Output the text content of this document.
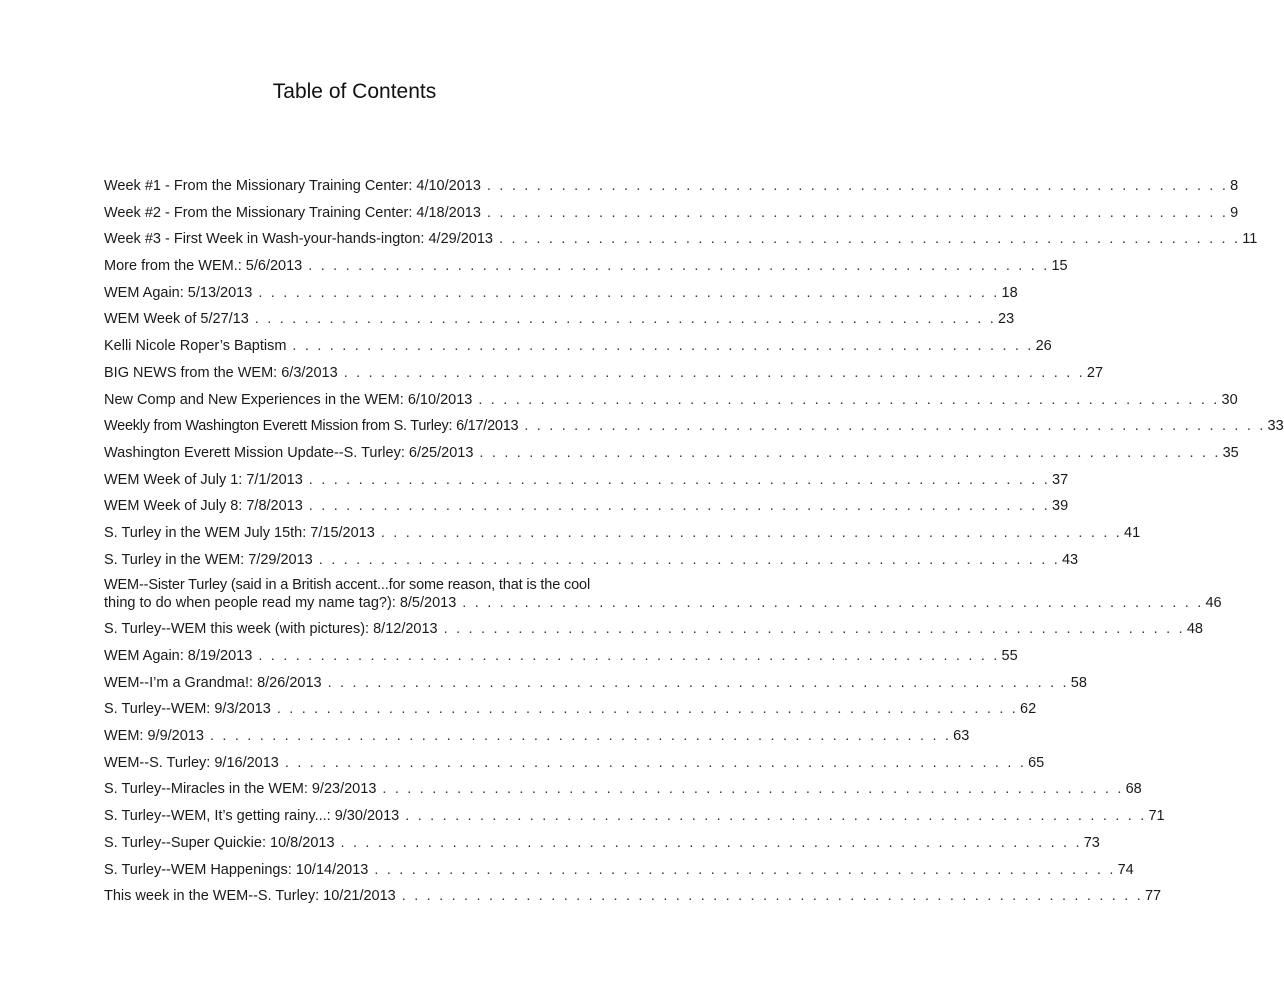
Table of Contents
Week #1 - From the Missionary Training Center: 4/10/2013 . . . . . . . . . . . . . . . . . . . . . . . . . . . . . . . . . . . . . . . . . . . . . . . . . . . . . . . . . . . . 8
Week #2 - From the Missionary Training Center: 4/18/2013 . . . . . . . . . . . . . . . . . . . . . . . . . . . . . . . . . . . . . . . . . . . . . . . . . . . . . . . . . . . . 9
Week #3 - First Week in Wash-your-hands-ington: 4/29/2013 . . . . . . . . . . . . . . . . . . . . . . . . . . . . . . . . . . . . . . . . . . . . . . . . . . . . . . . . . . . . 11
More from the WEM.: 5/6/2013 . . . . . . . . . . . . . . . . . . . . . . . . . . . . . . . . . . . . . . . . . . . . . . . . . . . . . . . . . . . . 15
WEM Again: 5/13/2013 . . . . . . . . . . . . . . . . . . . . . . . . . . . . . . . . . . . . . . . . . . . . . . . . . . . . . . . . . . . . 18
WEM Week of 5/27/13 . . . . . . . . . . . . . . . . . . . . . . . . . . . . . . . . . . . . . . . . . . . . . . . . . . . . . . . . . . . . 23
Kelli Nicole Roper’s Baptism . . . . . . . . . . . . . . . . . . . . . . . . . . . . . . . . . . . . . . . . . . . . . . . . . . . . . . . . . . . . 26
BIG NEWS from the WEM: 6/3/2013 . . . . . . . . . . . . . . . . . . . . . . . . . . . . . . . . . . . . . . . . . . . . . . . . . . . . . . . . . . . . 27
New Comp and New Experiences in the WEM: 6/10/2013 . . . . . . . . . . . . . . . . . . . . . . . . . . . . . . . . . . . . . . . . . . . . . . . . . . . . . . . . . . . . 30
Weekly from Washington Everett Mission from S. Turley: 6/17/2013 . . . . . . . . . . . . . . . . . . . . . . . . . . . . . . . . . . . . . . . . . . . . . . . . . . . . . . . . . . . . 33
Washington Everett Mission Update--S. Turley: 6/25/2013 . . . . . . . . . . . . . . . . . . . . . . . . . . . . . . . . . . . . . . . . . . . . . . . . . . . . . . . . . . . . 35
WEM Week of July 1: 7/1/2013 . . . . . . . . . . . . . . . . . . . . . . . . . . . . . . . . . . . . . . . . . . . . . . . . . . . . . . . . . . . . 37
WEM Week of July 8: 7/8/2013 . . . . . . . . . . . . . . . . . . . . . . . . . . . . . . . . . . . . . . . . . . . . . . . . . . . . . . . . . . . . 39
S. Turley in the WEM July 15th: 7/15/2013 . . . . . . . . . . . . . . . . . . . . . . . . . . . . . . . . . . . . . . . . . . . . . . . . . . . . . . . . . . . . 41
S. Turley in the WEM: 7/29/2013 . . . . . . . . . . . . . . . . . . . . . . . . . . . . . . . . . . . . . . . . . . . . . . . . . . . . . . . . . . . . 43
WEM--Sister Turley (said in a British accent...for some reason, that is the cool
thing to do when people read my name tag?): 8/5/2013 . . . . . . . . . . . . . . . . . . . . . . . . . . . . . . . . . . . . . . . . . . . . . . . . . . . . . . . . . . . . 46
S. Turley--WEM this week (with pictures): 8/12/2013 . . . . . . . . . . . . . . . . . . . . . . . . . . . . . . . . . . . . . . . . . . . . . . . . . . . . . . . . . . . . 48
WEM Again: 8/19/2013 . . . . . . . . . . . . . . . . . . . . . . . . . . . . . . . . . . . . . . . . . . . . . . . . . . . . . . . . . . . . 55
WEM--I’m a Grandma!: 8/26/2013 . . . . . . . . . . . . . . . . . . . . . . . . . . . . . . . . . . . . . . . . . . . . . . . . . . . . . . . . . . . . 58
S. Turley--WEM: 9/3/2013 . . . . . . . . . . . . . . . . . . . . . . . . . . . . . . . . . . . . . . . . . . . . . . . . . . . . . . . . . . . . 62
WEM: 9/9/2013 . . . . . . . . . . . . . . . . . . . . . . . . . . . . . . . . . . . . . . . . . . . . . . . . . . . . . . . . . . . . 63
WEM--S. Turley: 9/16/2013 . . . . . . . . . . . . . . . . . . . . . . . . . . . . . . . . . . . . . . . . . . . . . . . . . . . . . . . . . . . . 65
S. Turley--Miracles in the WEM: 9/23/2013 . . . . . . . . . . . . . . . . . . . . . . . . . . . . . . . . . . . . . . . . . . . . . . . . . . . . . . . . . . . . 68
S. Turley--WEM, It’s getting rainy...: 9/30/2013 . . . . . . . . . . . . . . . . . . . . . . . . . . . . . . . . . . . . . . . . . . . . . . . . . . . . . . . . . . . . 71
S. Turley--Super Quickie: 10/8/2013 . . . . . . . . . . . . . . . . . . . . . . . . . . . . . . . . . . . . . . . . . . . . . . . . . . . . . . . . . . . . 73
S. Turley--WEM Happenings: 10/14/2013 . . . . . . . . . . . . . . . . . . . . . . . . . . . . . . . . . . . . . . . . . . . . . . . . . . . . . . . . . . . . 74
This week in the WEM--S. Turley: 10/21/2013 . . . . . . . . . . . . . . . . . . . . . . . . . . . . . . . . . . . . . . . . . . . . . . . . . . . . . . . . . . . . 77
